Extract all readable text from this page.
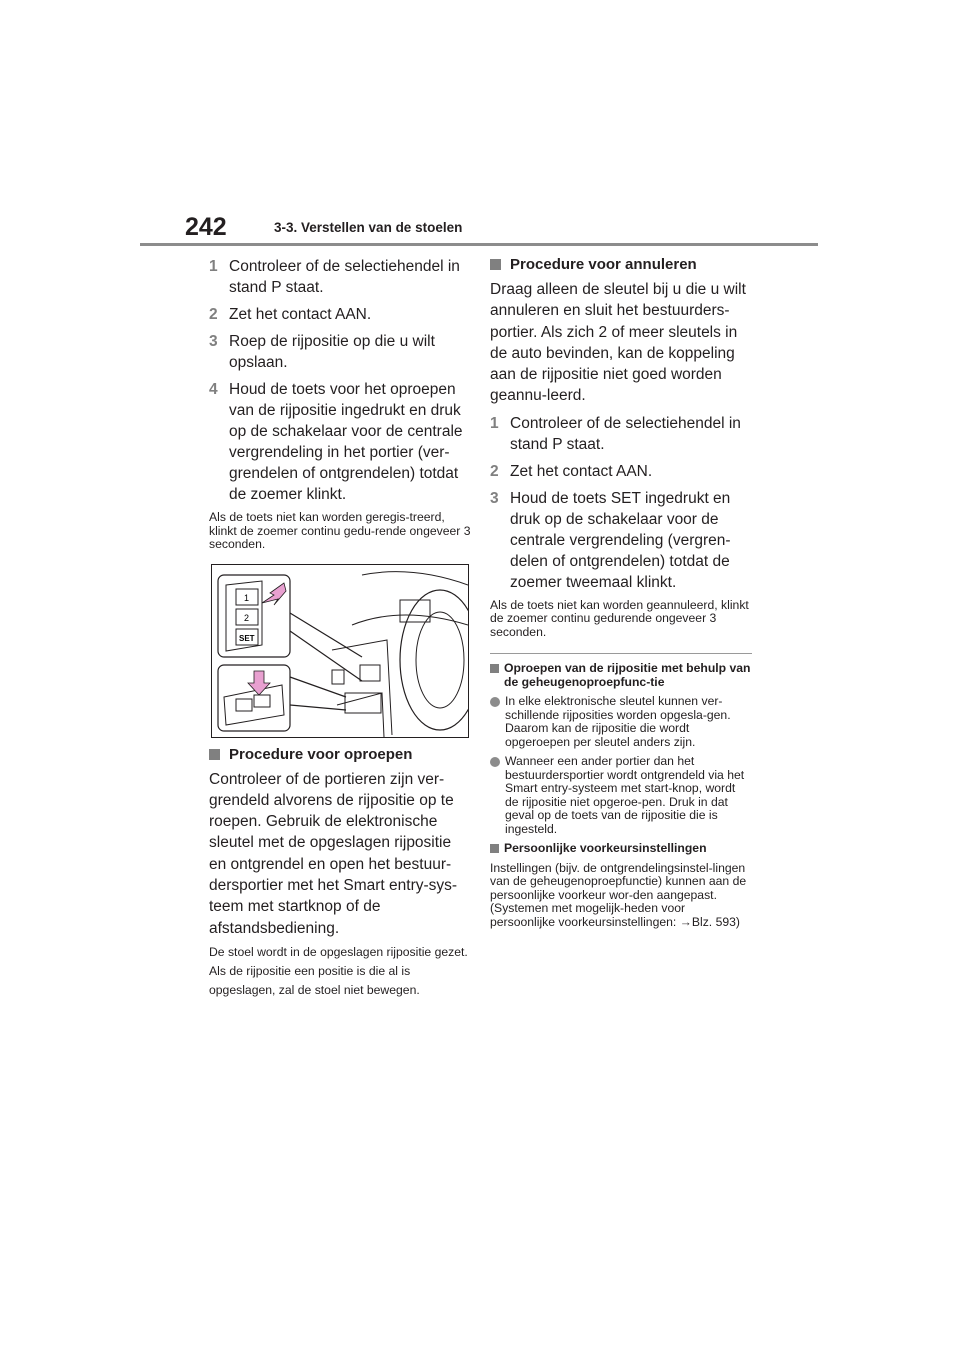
242	3-3. Verstellen van de stoelen
1 Controleer of de selectiehendel in stand P staat.
2 Zet het contact AAN.
3 Roep de rijpositie op die u wilt opslaan.
4 Houd de toets voor het oproepen van de rijpositie ingedrukt en druk op de schakelaar voor de centrale vergrendeling in het portier (ver-grendelen of ontgrendelen) totdat de zoemer klinkt.
Als de toets niet kan worden geregis-treerd, klinkt de zoemer continu gedu-rende ongeveer 3 seconden.
1
2
SET
Procedure voor oproepen
Controleer of de portieren zijn ver-grendeld alvorens de rijpositie op te roepen. Gebruik de elektronische sleutel met de opgeslagen rijpositie en ontgrendel en open het bestuur-dersportier met het Smart entry-sys-teem met startknop of de afstandsbediening.
De stoel wordt in de opgeslagen rijpositie gezet. Als de rijpositie een positie is die al is opgeslagen, zal de stoel niet bewegen.
Procedure voor annuleren
Draag alleen de sleutel bij u die u wilt annuleren en sluit het bestuurders-portier. Als zich 2 of meer sleutels in de auto bevinden, kan de koppeling aan de rijpositie niet goed worden geannu-leerd.
1 Controleer of de selectiehendel in stand P staat.
2 Zet het contact AAN.
3 Houd de toets SET ingedrukt en druk op de schakelaar voor de centrale vergrendeling (vergren-delen of ontgrendelen) totdat de zoemer tweemaal klinkt.
Als de toets niet kan worden geannuleerd, klinkt de zoemer continu gedurende ongeveer 3 seconden.
Oproepen van de rijpositie met behulp van de geheugenoproepfunc-tie
In elke elektronische sleutel kunnen ver-schillende rijposities worden opgesla-gen. Daarom kan de rijpositie die wordt opgeroepen per sleutel anders zijn.
Wanneer een ander portier dan het bestuurdersportier wordt ontgrendeld via het Smart entry-systeem met start-knop, wordt de rijpositie niet opgeroe-pen. Druk in dat geval op de toets van de rijpositie die is ingesteld.
Persoonlijke voorkeursinstellingen
Instellingen (bijv. de ontgrendelingsinstel-lingen van de geheugenoproepfunctie) kunnen aan de persoonlijke voorkeur wor-den aangepast. (Systemen met mogelijk-heden voor persoonlijke voorkeursinstellingen: →Blz. 593)
